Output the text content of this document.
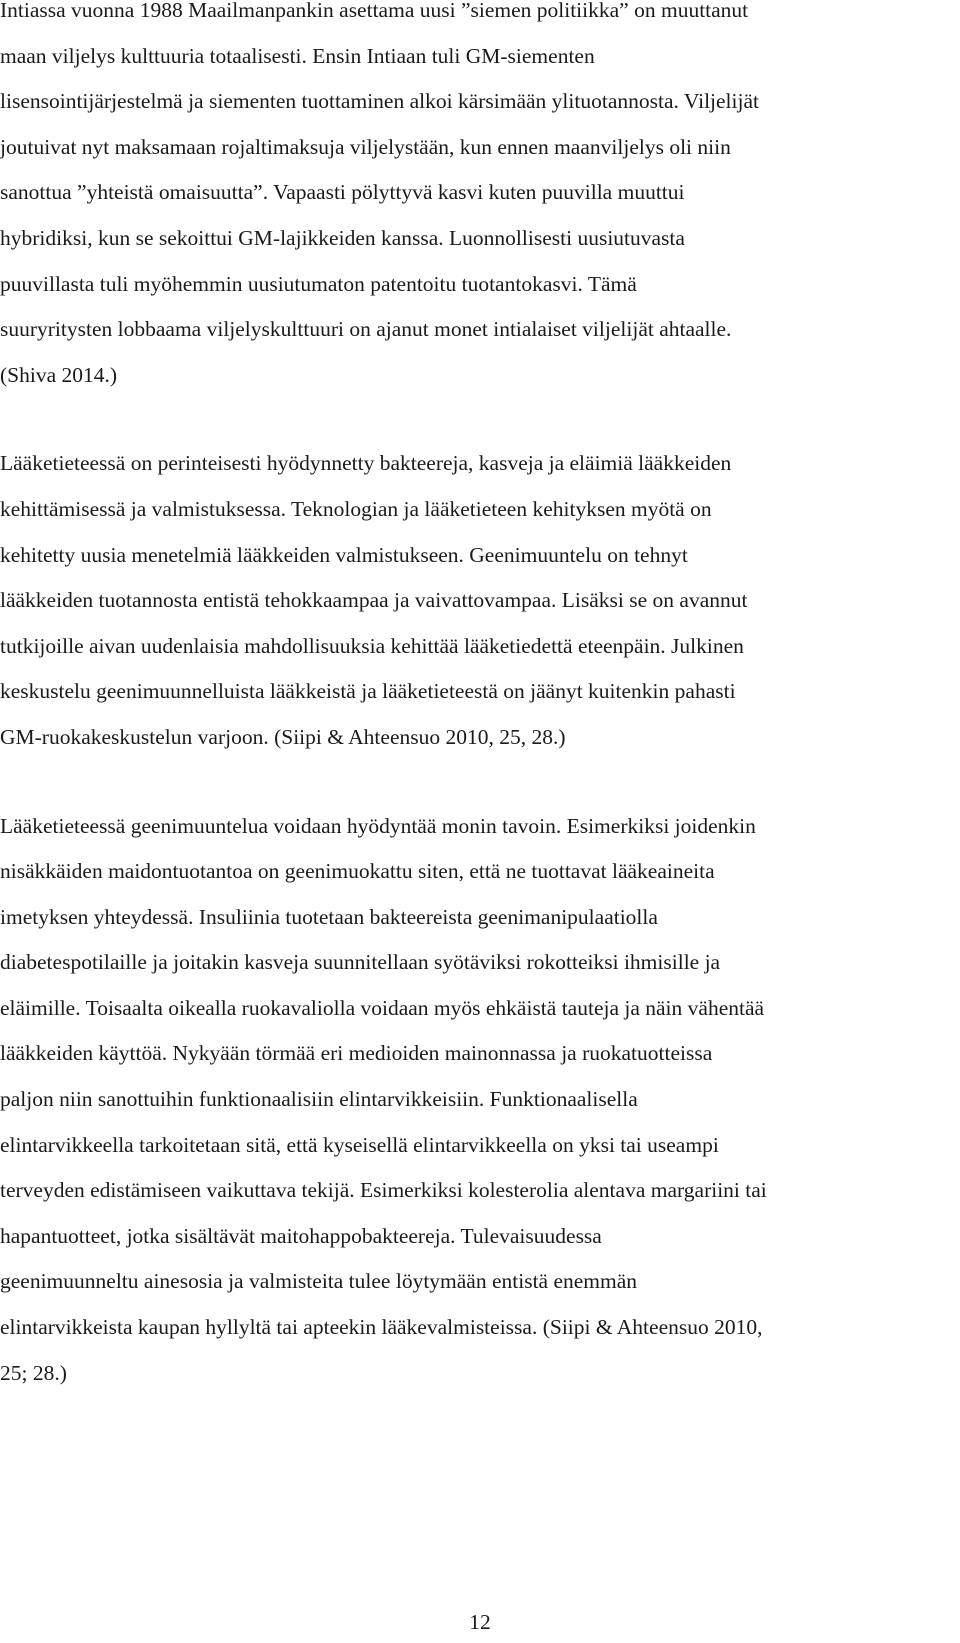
Intiassa vuonna 1988 Maailmanpankin asettama uusi ”siemen politiikka” on muuttanut
maan viljelys kulttuuria totaalisesti. Ensin Intiaan tuli GM-siementen
lisensointijärjestelmä ja siementen tuottaminen alkoi kärsimään ylituotannosta. Viljelijät
joutuivat nyt maksamaan rojaltimaksuja viljelystään, kun ennen maanviljelys oli niin
sanottua ”yhteistä omaisuutta”. Vapaasti pölyttyvä kasvi kuten puuvilla muuttui
hybridiksi, kun se sekoittui GM-lajikkeiden kanssa. Luonnollisesti uusiutuvasta
puuvillasta tuli myöhemmin uusiutumaton patentoitu tuotantokasvi. Tämä
suuryritysten lobbaama viljelyskulttuuri on ajanut monet intialaiset viljelijät ahtaalle.
(Shiva 2014.)
Lääketieteessä on perinteisesti hyödynnetty bakteereja, kasveja ja eläimiä lääkkeiden
kehittämisessä ja valmistuksessa. Teknologian ja lääketieteen kehityksen myötä on
kehitetty uusia menetelmiä lääkkeiden valmistukseen. Geenimuuntelu on tehnyt
lääkkeiden tuotannosta entistä tehokkaampaa ja vaivattovampaa. Lisäksi se on avannut
tutkijoille aivan uudenlaisia mahdollisuuksia kehittää lääketiedettä eteenpäin. Julkinen
keskustelu geenimuunnelluista lääkkeistä ja lääketieteestä on jäänyt kuitenkin pahasti
GM-ruokakeskustelun varjoon. (Siipi & Ahteensuo 2010, 25, 28.)
Lääketieteessä geenimuuntelua voidaan hyödyntää monin tavoin. Esimerkiksi joidenkin
nisäkkäiden maidontuotantoa on geenimuokattu siten, että ne tuottavat lääkeaineita
imetyksen yhteydessä. Insuliinia tuotetaan bakteereista geenimanipulaatiolla
diabetespotilaille ja joitakin kasveja suunnitellaan syötäviksi rokotteiksi ihmisille ja
eläimille. Toisaalta oikealla ruokavaliolla voidaan myös ehkäistä tauteja ja näin vähentää
lääkkeiden käyttöä. Nykyään törmää eri medioiden mainonnassa ja ruokatuotteissa
paljon niin sanottuihin funktionaalisiin elintarvikkeisiin. Funktionaalisella
elintarvikkeella tarkoitetaan sitä, että kyseisellä elintarvikkeella on yksi tai useampi
terveyden edistämiseen vaikuttava tekijä. Esimerkiksi kolesterolia alentava margariini tai
hapantuotteet, jotka sisältävät maitohappobakteereja. Tulevaisuudessa
geenimuunneltu ainesosia ja valmisteita tulee löytymään entistä enemmän
elintarvikkeista kaupan hyllyltä tai apteekin lääkevalmisteissa. (Siipi & Ahteensuo 2010,
25; 28.)
12
